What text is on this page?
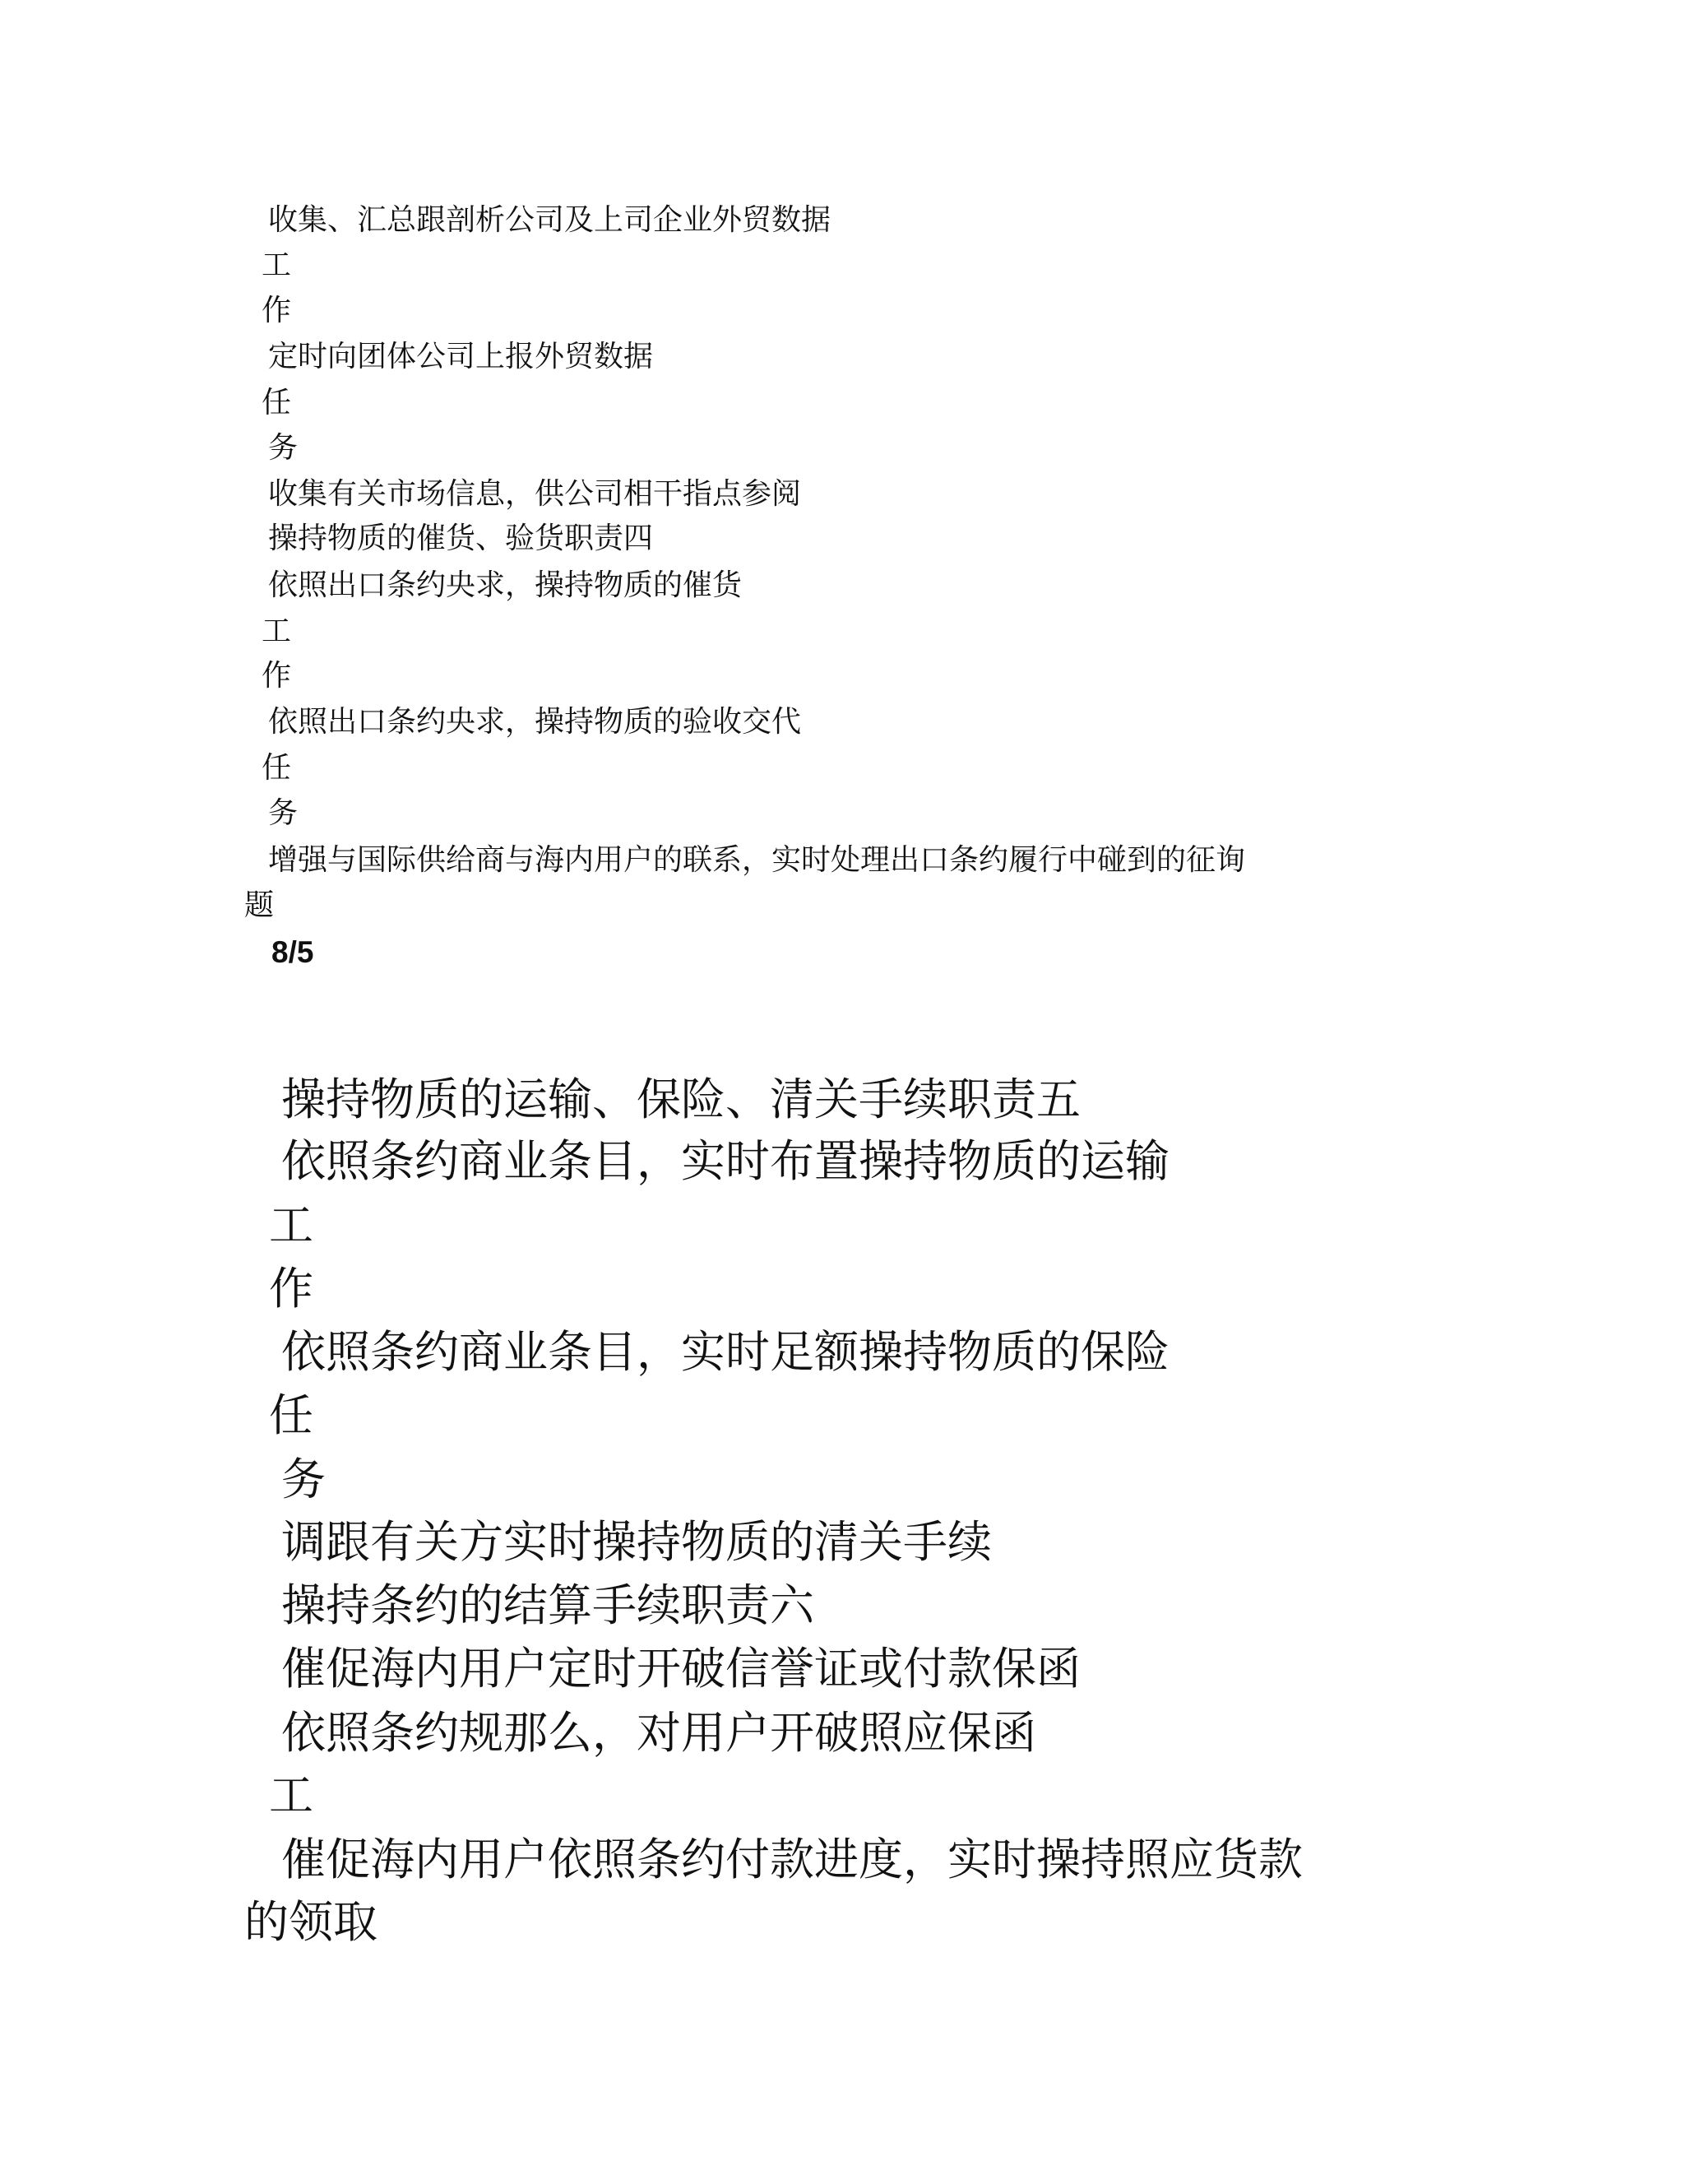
收集、汇总跟剖析公司及上司企业外贸数据
工
作
定时向团体公司上报外贸数据
任
务
收集有关市场信息，供公司相干指点参阅
操持物质的催货、验货职责四
依照出口条约央求，操持物质的催货
工
作
依照出口条约央求，操持物质的验收交代
任
务
增强与国际供给商与海内用户的联系，实时处理出口条约履行中碰到的征询
题
8/5
操持物质的运输、保险、清关手续职责五
依照条约商业条目，实时布置操持物质的运输
工
作
依照条约商业条目，实时足额操持物质的保险
任
务
调跟有关方实时操持物质的清关手续
操持条约的结算手续职责六
催促海内用户定时开破信誉证或付款保函
依照条约规那么，对用户开破照应保函
工
催促海内用户依照条约付款进度，实时操持照应货款
的领取
